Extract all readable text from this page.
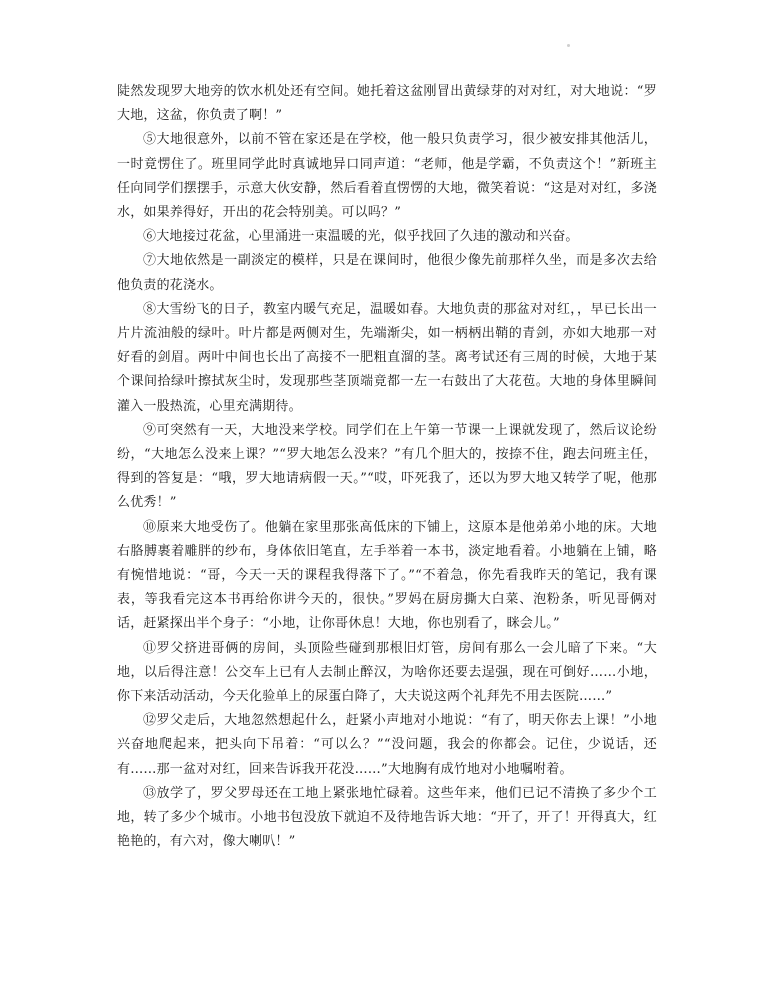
陡然发现罗大地旁的饮水机处还有空间。她托着这盆刚冒出黄绿芽的对对红，对大地说：“罗大地，这盆，你负责了啊！”

⑤大地很意外，以前不管在家还是在学校，他一般只负责学习，很少被安排其他活儿，一时竟愣住了。班里同学此时真诚地异口同声道：“老师，他是学霸，不负责这个！”新班主任向同学们摆摆手，示意大伙安静，然后看着直愣愣的大地，微笑着说：“这是对对红，多浇水，如果养得好，开出的花会特别美。可以吗？”

⑥大地接过花盆，心里涌进一束温暖的光，似乎找回了久违的激动和兴奋。

⑦大地依然是一副淡定的模样，只是在课间时，他很少像先前那样久坐，而是多次去给他负责的花浇水。

⑧大雪纷飞的日子，教室内暖气充足，温暖如春。大地负责的那盆对对红，，早已长出一片片流油般的绿叶。叶片都是两侧对生，先端渐尖，如一柄柄出鞘的青剑，亦如大地那一对好看的剑眉。两叶中间也长出了高接不一肥粗直溜的茎。离考试还有三周的时候，大地于某个课间拾绿叶擦拭灰尘时，发现那些茎顶端竟都一左一右鼓出了大花苞。大地的身体里瞬间灌入一股热流，心里充满期待。

⑨可突然有一天，大地没来学校。同学们在上午第一节课一上课就发现了，然后议论纷纷，“大地怎么没来上课？”“罗大地怎么没来？”有几个胆大的，按捺不住，跑去问班主任，得到的答复是：“哦，罗大地请病假一天。”“哎，吓死我了，还以为罗大地又转学了呢，他那么优秀！”

⑩原来大地受伤了。他躺在家里那张高低床的下铺上，这原本是他弟弟小地的床。大地右胳膊裹着雕胖的纱布，身体依旧笔直，左手举着一本书，淡定地看着。小地躺在上铺，略有惋惜地说：“哥，今天一天的课程我得落下了。”“不着急，你先看我昨天的笔记，我有课表，等我看完这本书再给你讲今天的，很快。”罗妈在厨房撕大白菜、泡粉条，听见哥俩对话，赶紧探出半个身子：“小地，让你哥休息！大地，你也别看了，眯会儿。”

⑪罗父挤进哥俩的房间，头顶险些碰到那根旧灯管，房间有那么一会儿暗了下来。“大地，以后得注意！公交车上已有人去制止醉汉，为啥你还要去逞强，现在可倒好……小地，你下来活动活动，今天化验单上的尿蛋白降了，大夫说这两个礼拜先不用去医院……”

⑫罗父走后，大地忽然想起什么，赶紧小声地对小地说：“有了，明天你去上课！”小地兴奋地爬起来，把头向下吊着：“可以么？”“没问题，我会的你都会。记住，少说话，还有……那一盆对对红，回来告诉我开花没……”大地胸有成竹地对小地嘱咐着。

⑬放学了，罗父罗母还在工地上紧张地忙碌着。这些年来，他们已记不清换了多少个工地，转了多少个城市。小地书包没放下就迫不及待地告诉大地：“开了，开了！开得真大，红艳艳的，有六对，像大喇叭！”
